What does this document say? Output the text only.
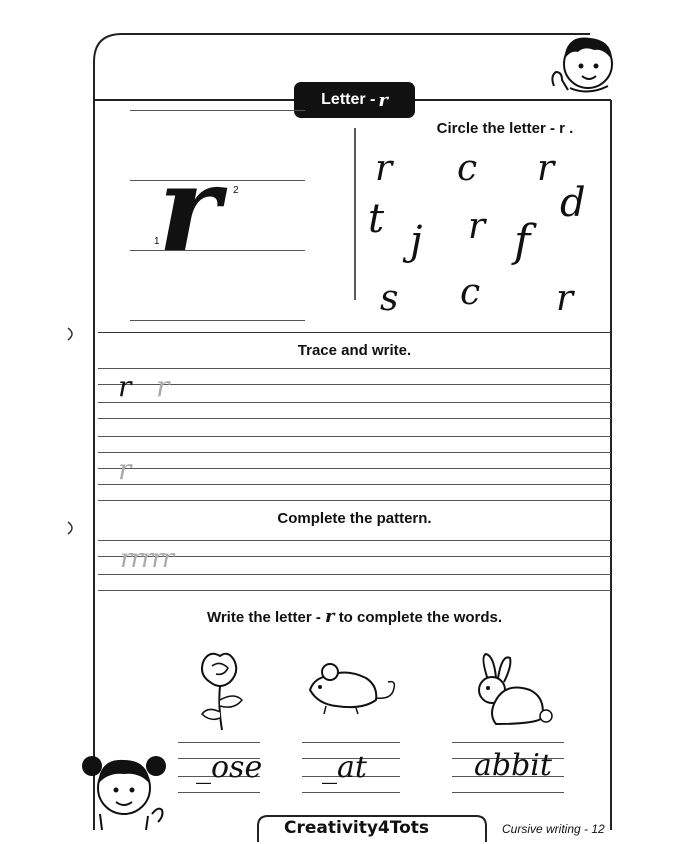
Letter - r
r
1
2
Circle the letter - r .
r c r
t j r f
d
s c r
Trace and write.
r r
r
Complete the pattern.
rrrrr
Write the letter - r to complete the words.
_ose _at	abbit
Creativity4Tots	Cursive writing - 12
